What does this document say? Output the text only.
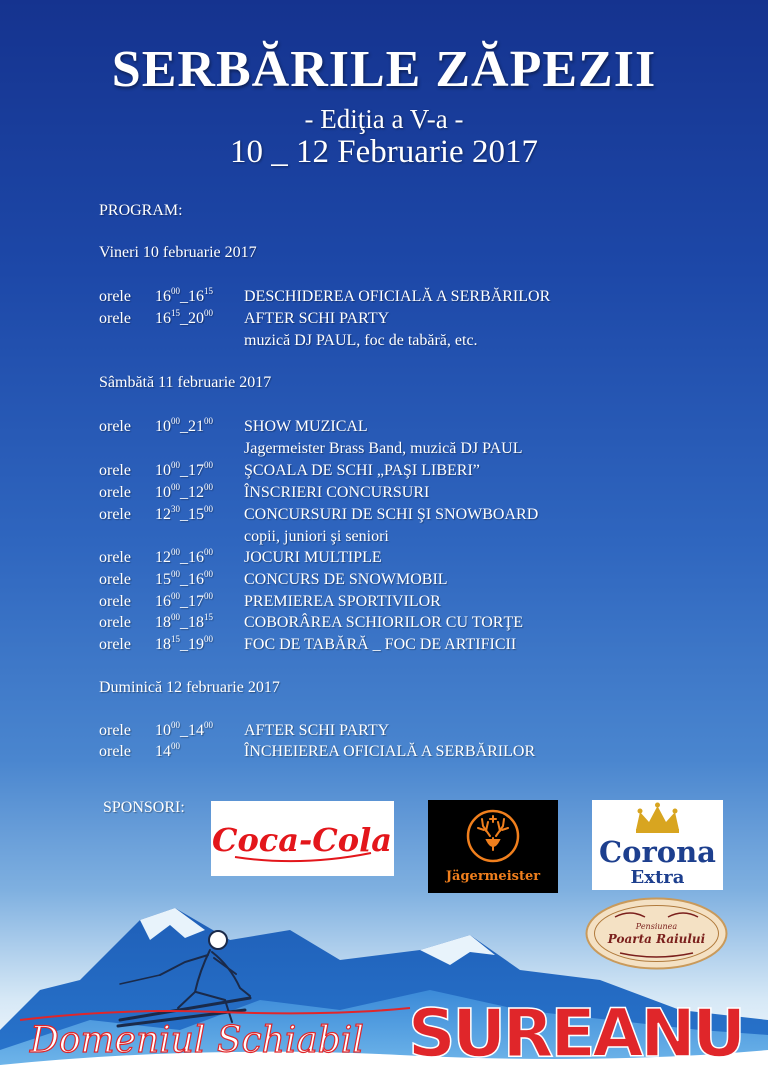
SERBĂRILE ZĂPEZII
- Ediţia a V-a -
10 _ 12 Februarie 2017
PROGRAM:
Vineri 10 februarie 2017
orele $16^{00}\_16^{15}$ DESCHIDEREA OFICIALĂ A SERBĂRILOR
orele $16^{15}\_20^{00}$ AFTER SCHI PARTY
muzică DJ PAUL, foc de tabără, etc.
Sâmbătă 11 februarie 2017
orele $10^{00}\_21^{00}$ SHOW MUZICAL
Jagermeister Brass Band, muzică DJ PAUL
orele $10^{00}\_17^{00}$ ŞCOALA DE SCHI „PAŞI LIBERI”
orele $10^{00}\_12^{00}$ ÎNSCRIERI CONCURSURI
orele $12^{30}\_15^{00}$ CONCURSURI DE SCHI ŞI SNOWBOARD
copii, juniori şi seniori
orele $12^{00}\_16^{00}$ JOCURI MULTIPLE
orele $15^{00}\_16^{00}$ CONCURS DE SNOWMOBIL
orele $16^{00}\_17^{00}$ PREMIEREA SPORTIVILOR
orele $18^{00}\_18^{15}$ COBORÂREA SCHIORILOR CU TORŢE
orele $18^{15}\_19^{00}$ FOC DE TABĂRĂ _ FOC DE ARTIFICII
Duminică 12 februarie 2017
orele $10^{00}\_14^{00}$ AFTER SCHI PARTY
orele $14^{00}$	ÎNCHEIEREA OFICIALĂ A SERBĂRILOR
SPONSORI:
Coca-Cola
Jägermeister
Corona
Extra
Pensiunea
Poarta Raiului
Domeniul Schiabil SUREANU
